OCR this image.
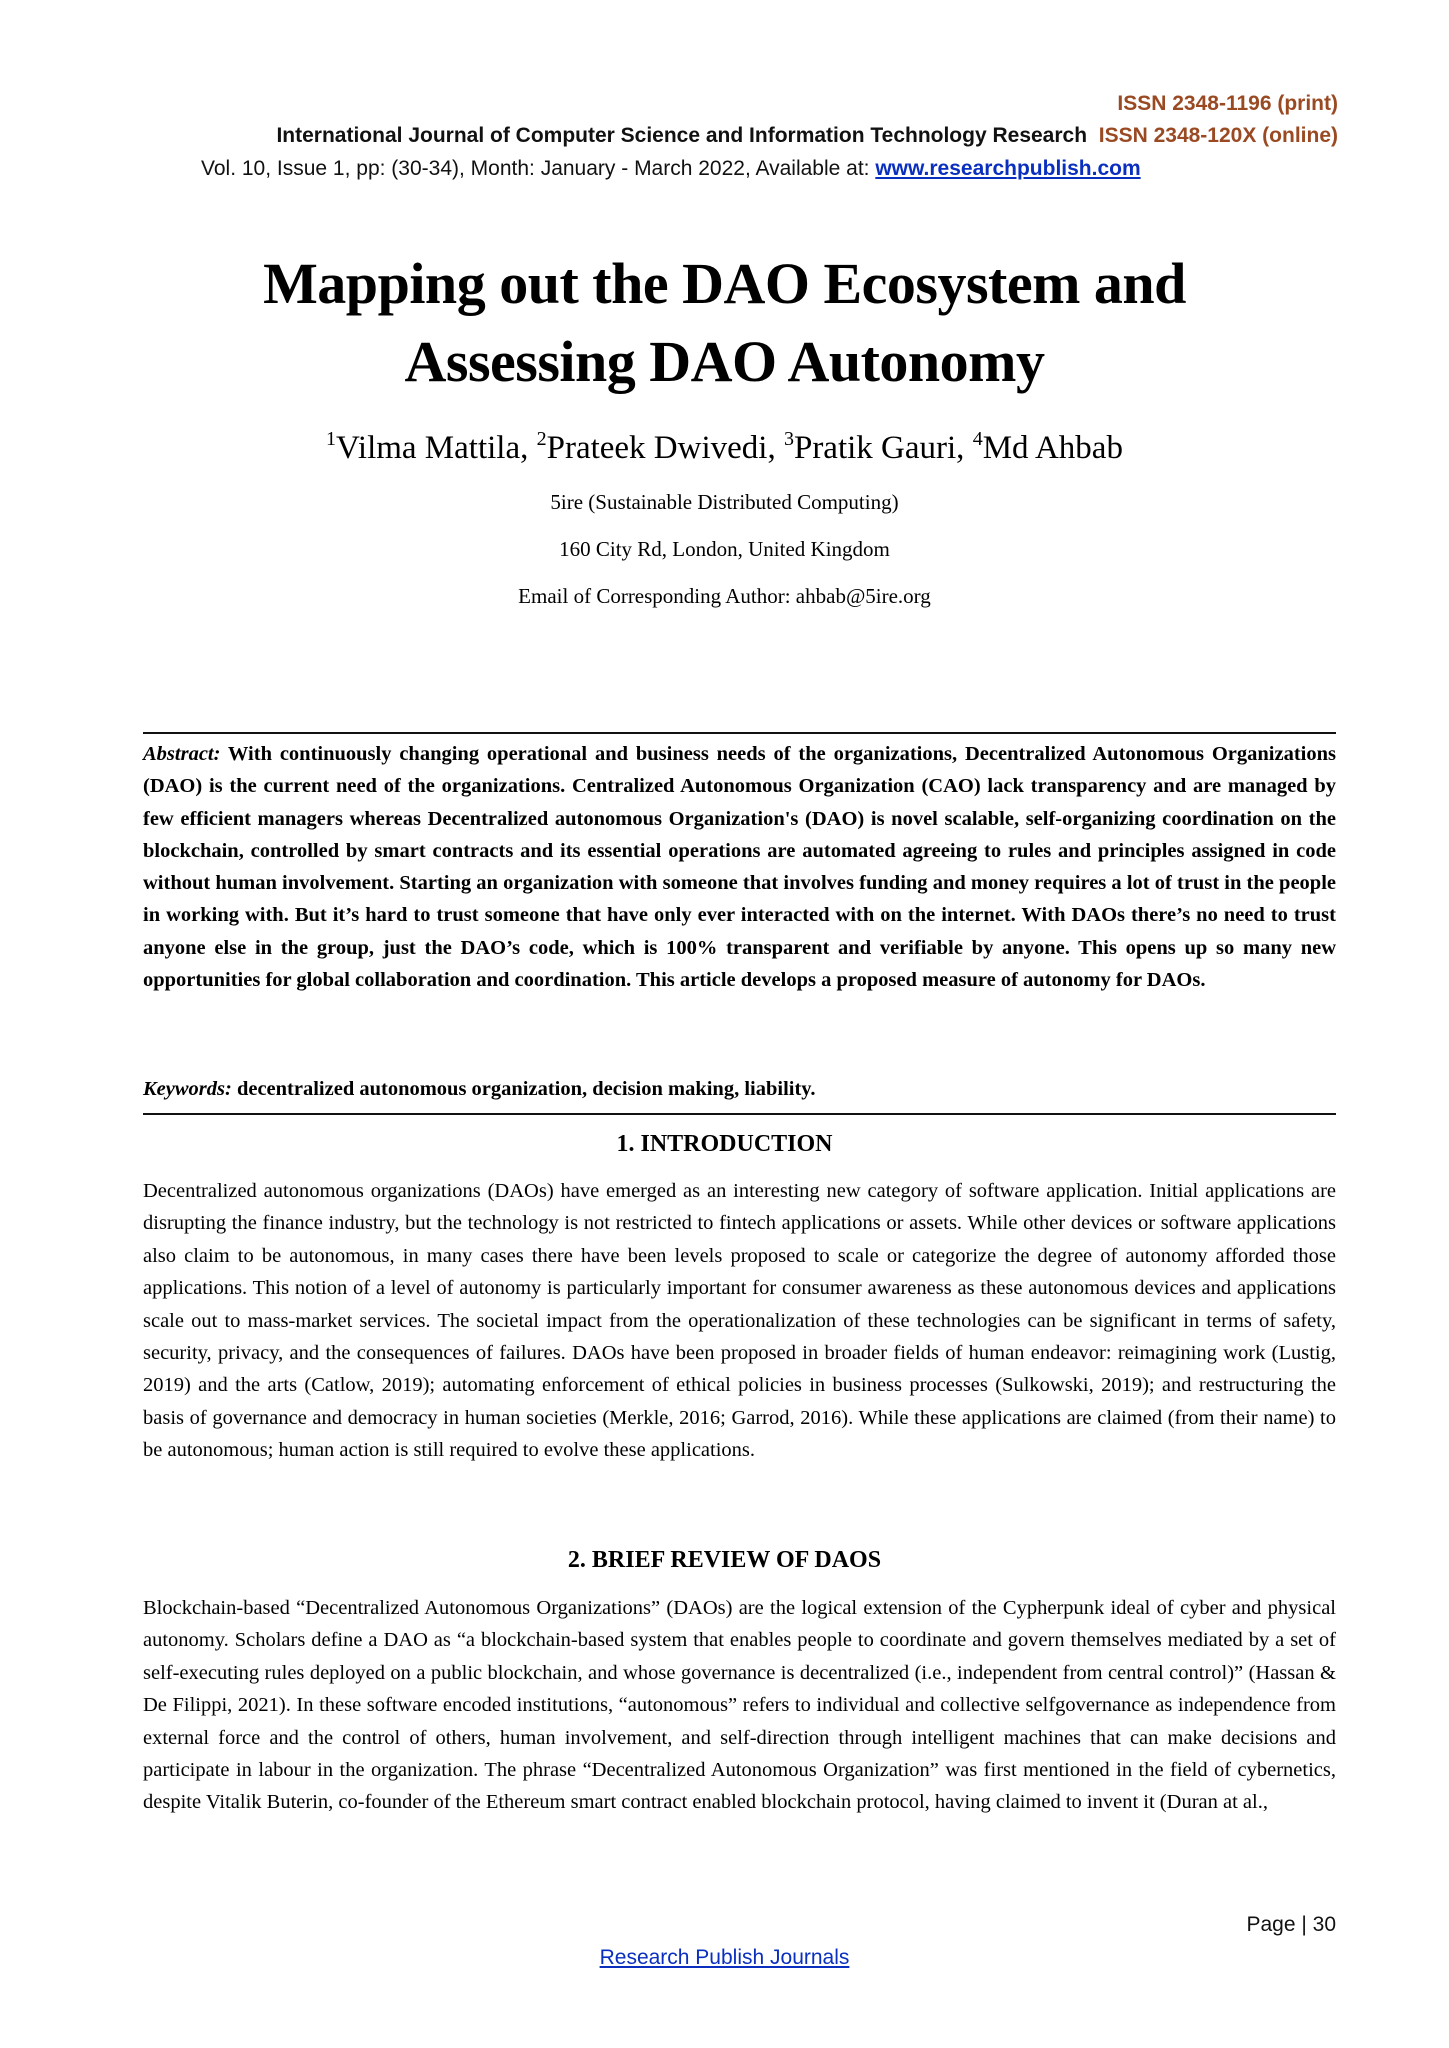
ISSN 2348-1196 (print)
International Journal of Computer Science and Information Technology Research ISSN 2348-120X (online)
Vol. 10, Issue 1, pp: (30-34), Month: January - March 2022, Available at: www.researchpublish.com
Mapping out the DAO Ecosystem and
Assessing DAO Autonomy
$^1$Vilma Mattila, $^2$Prateek Dwivedi, $^3$Pratik Gauri, $^4$Md Ahbab
5ire (Sustainable Distributed Computing)
160 City Rd, London, United Kingdom
Email of Corresponding Author: ahbab@5ire.org
Abstract: With continuously changing operational and business needs of the organizations, Decentralized Autonomous Organizations (DAO) is the current need of the organizations. Centralized Autonomous Organization (CAO) lack transparency and are managed by few efficient managers whereas Decentralized autonomous Organization's (DAO) is novel scalable, self-organizing coordination on the blockchain, controlled by smart contracts and its essential operations are automated agreeing to rules and principles assigned in code without human involvement. Starting an organization with someone that involves funding and money requires a lot of trust in the people in working with. But it’s hard to trust someone that have only ever interacted with on the internet. With DAOs there’s no need to trust anyone else in the group, just the DAO’s code, which is 100% transparent and verifiable by anyone. This opens up so many new opportunities for global collaboration and coordination. This article develops a proposed measure of autonomy for DAOs.
Keywords: decentralized autonomous organization, decision making, liability.
1. INTRODUCTION
Decentralized autonomous organizations (DAOs) have emerged as an interesting new category of software application. Initial applications are disrupting the finance industry, but the technology is not restricted to fintech applications or assets. While other devices or software applications also claim to be autonomous, in many cases there have been levels proposed to scale or categorize the degree of autonomy afforded those applications. This notion of a level of autonomy is particularly important for consumer awareness as these autonomous devices and applications scale out to mass-market services. The societal impact from the operationalization of these technologies can be significant in terms of safety, security, privacy, and the consequences of failures. DAOs have been proposed in broader fields of human endeavor: reimagining work (Lustig, 2019) and the arts (Catlow, 2019); automating enforcement of ethical policies in business processes (Sulkowski, 2019); and restructuring the basis of governance and democracy in human societies (Merkle, 2016; Garrod, 2016). While these applications are claimed (from their name) to be autonomous; human action is still required to evolve these applications.
2. BRIEF REVIEW OF DAOS
Blockchain-based “Decentralized Autonomous Organizations” (DAOs) are the logical extension of the Cypherpunk ideal of cyber and physical autonomy. Scholars define a DAO as “a blockchain-based system that enables people to coordinate and govern themselves mediated by a set of self-executing rules deployed on a public blockchain, and whose governance is decentralized (i.e., independent from central control)” (Hassan & De Filippi, 2021). In these software encoded institutions, “autonomous” refers to individual and collective selfgovernance as independence from external force and the control of others, human involvement, and self-direction through intelligent machines that can make decisions and participate in labour in the organization. The phrase “Decentralized Autonomous Organization” was first mentioned in the field of cybernetics, despite Vitalik Buterin, co-founder of the Ethereum smart contract enabled blockchain protocol, having claimed to invent it (Duran at al.,
Page | 30
Research Publish Journals
